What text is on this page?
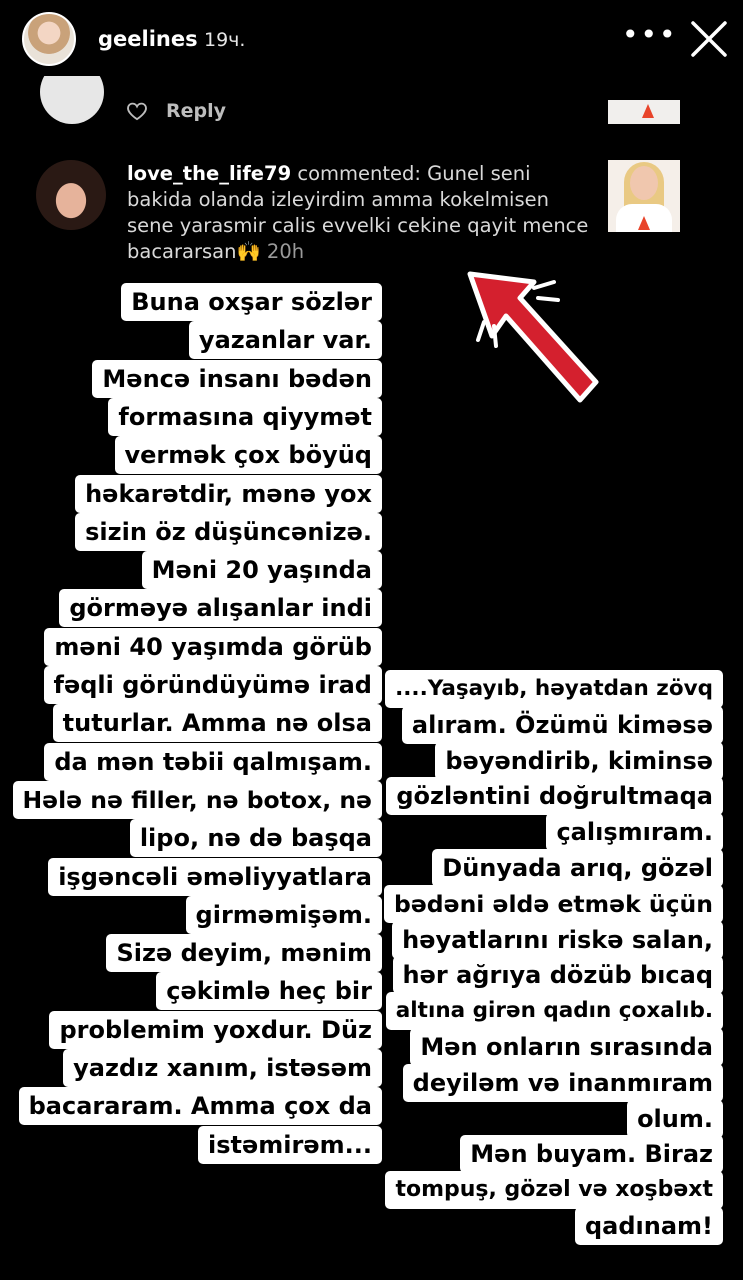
geelines 19ч.	•••
Reply
love_the_life79 commented: Gunel seni bakida olanda izleyirdim amma kokelmisen sene yarasmir calis evvelki cekine qayit mence bacararsan🙌 20h
Buna oxşar sözlər
yazanlar var.
Məncə insanı bədən
formasına qiyymət
vermək çox böyüq
həkarətdir, mənə yox
sizin öz düşüncənizə.
Məni 20 yaşında
görməyə alışanlar indi
məni 40 yaşımda görüb
fəqli göründüyümə irad
tuturlar. Amma nə olsa
da mən təbii qalmışam.
Hələ nə filler, nə botox, nə
lipo, nə də başqa
işgəncəli əməliyyatlara
girməmişəm.
Sizə deyim, mənim
çəkimlə heç bir
problemim yoxdur. Düz
yazdız xanım, istəsəm
bacararam. Amma çox da
istəmirəm...
....Yaşayıb, həyatdan zövq
alıram. Özümü kiməsə
bəyəndirib, kiminsə
gözləntini doğrultmaqa
çalışmıram.
Dünyada arıq, gözəl
bədəni əldə etmək üçün
həyatlarını riskə salan,
hər ağrıya dözüb bıcaq
altına girən qadın çoxalıb.
Mən onların sırasında
deyiləm və inanmıram
olum.
Mən buyam. Biraz
tompuş, gözəl və xoşbəxt
qadınam!
